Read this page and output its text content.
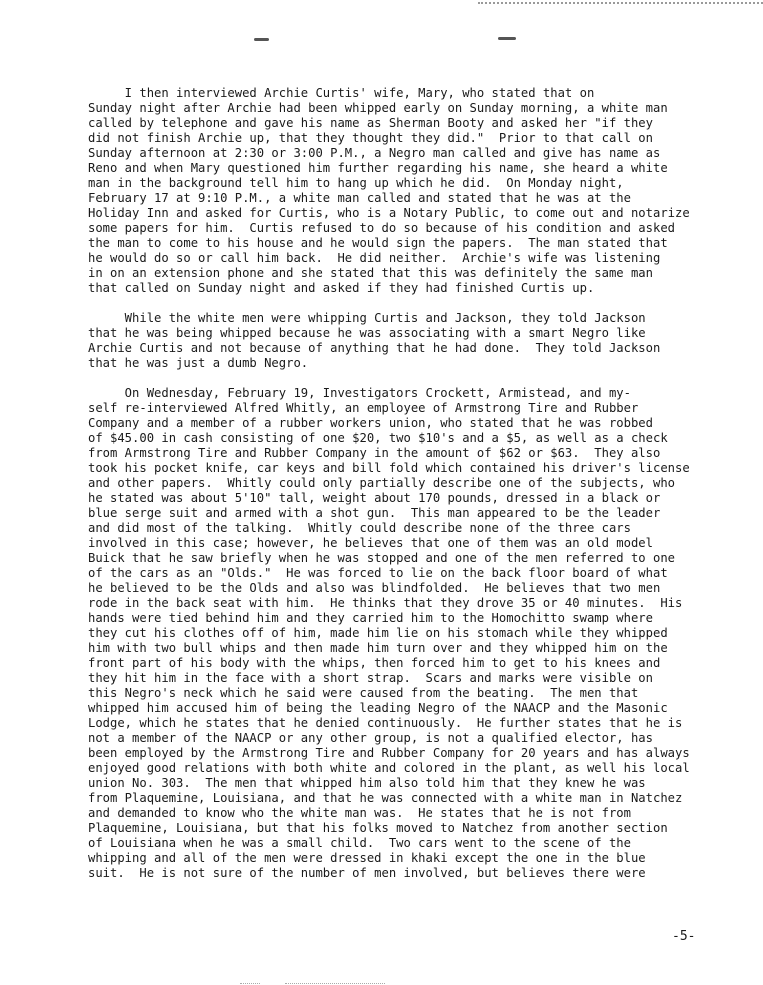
I then interviewed Archie Curtis' wife, Mary, who stated that on
Sunday night after Archie had been whipped early on Sunday morning, a white man
called by telephone and gave his name as Sherman Booty and asked her "if they
did not finish Archie up, that they thought they did."  Prior to that call on
Sunday afternoon at 2:30 or 3:00 P.M., a Negro man called and give has name as
Reno and when Mary questioned him further regarding his name, she heard a white
man in the background tell him to hang up which he did.  On Monday night,
February 17 at 9:10 P.M., a white man called and stated that he was at the
Holiday Inn and asked for Curtis, who is a Notary Public, to come out and notarize
some papers for him.  Curtis refused to do so because of his condition and asked
the man to come to his house and he would sign the papers.  The man stated that
he would do so or call him back.  He did neither.  Archie's wife was listening
in on an extension phone and she stated that this was definitely the same man
that called on Sunday night and asked if they had finished Curtis up.

While the white men were whipping Curtis and Jackson, they told Jackson
that he was being whipped because he was associating with a smart Negro like
Archie Curtis and not because of anything that he had done.  They told Jackson
that he was just a dumb Negro.

On Wednesday, February 19, Investigators Crockett, Armistead, and my-
self re-interviewed Alfred Whitly, an employee of Armstrong Tire and Rubber
Company and a member of a rubber workers union, who stated that he was robbed
of $45.00 in cash consisting of one $20, two $10's and a $5, as well as a check
from Armstrong Tire and Rubber Company in the amount of $62 or $63.  They also
took his pocket knife, car keys and bill fold which contained his driver's license
and other papers.  Whitly could only partially describe one of the subjects, who
he stated was about 5'10" tall, weight about 170 pounds, dressed in a black or
blue serge suit and armed with a shot gun.  This man appeared to be the leader
and did most of the talking.  Whitly could describe none of the three cars
involved in this case; however, he believes that one of them was an old model
Buick that he saw briefly when he was stopped and one of the men referred to one
of the cars as an "Olds."  He was forced to lie on the back floor board of what
he believed to be the Olds and also was blindfolded.  He believes that two men
rode in the back seat with him.  He thinks that they drove 35 or 40 minutes.  His
hands were tied behind him and they carried him to the Homochitto swamp where
they cut his clothes off of him, made him lie on his stomach while they whipped
him with two bull whips and then made him turn over and they whipped him on the
front part of his body with the whips, then forced him to get to his knees and
they hit him in the face with a short strap.  Scars and marks were visible on
this Negro's neck which he said were caused from the beating.  The men that
whipped him accused him of being the leading Negro of the NAACP and the Masonic
Lodge, which he states that he denied continuously.  He further states that he is
not a member of the NAACP or any other group, is not a qualified elector, has
been employed by the Armstrong Tire and Rubber Company for 20 years and has always
enjoyed good relations with both white and colored in the plant, as well his local
union No. 303.  The men that whipped him also told him that they knew he was
from Plaquemine, Louisiana, and that he was connected with a white man in Natchez
and demanded to know who the white man was.  He states that he is not from
Plaquemine, Louisiana, but that his folks moved to Natchez from another section
of Louisiana when he was a small child.  Two cars went to the scene of the
whipping and all of the men were dressed in khaki except the one in the blue
suit.  He is not sure of the number of men involved, but believes there were

-5-
